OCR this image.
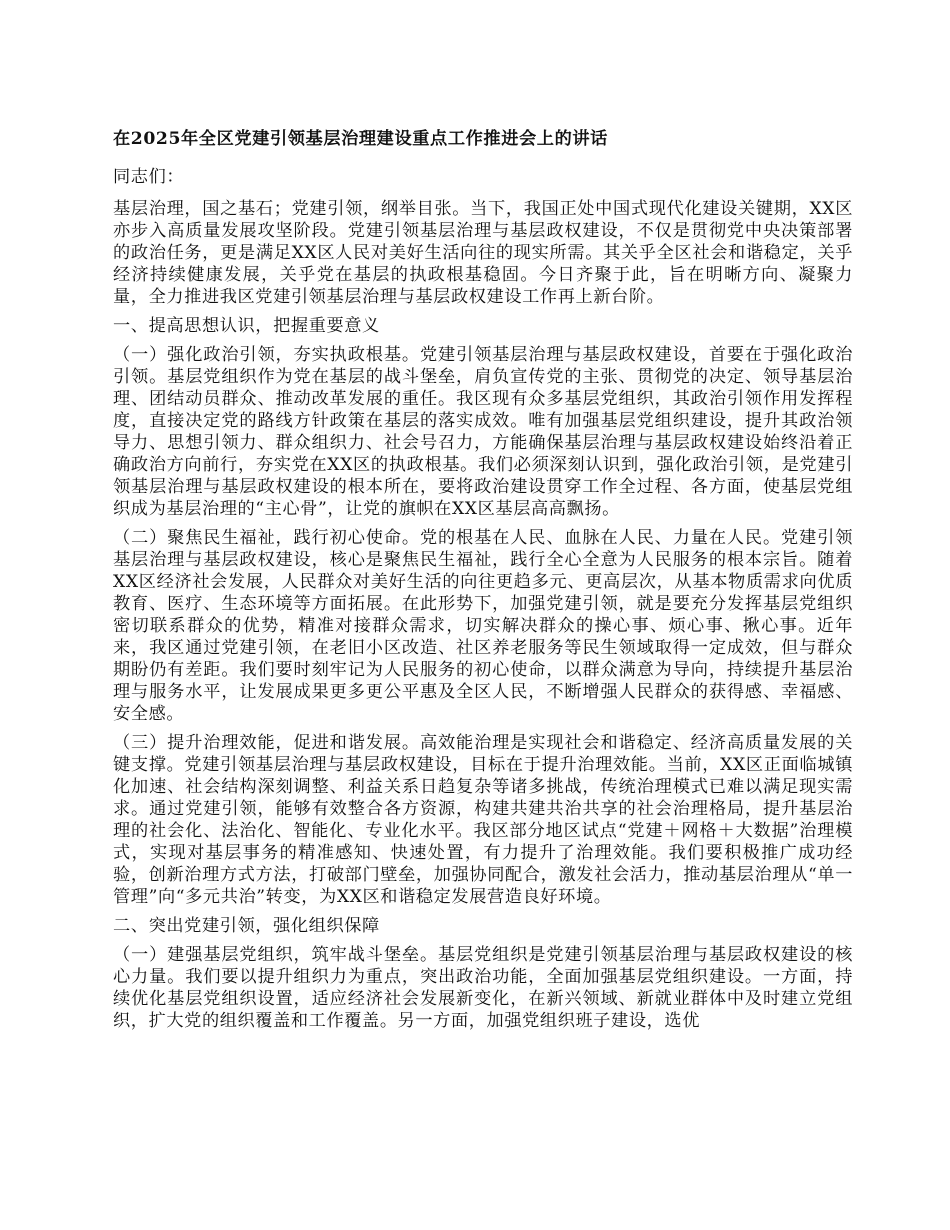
在2025年全区党建引领基层治理建设重点工作推进会上的讲话
同志们：

基层治理，国之基石；党建引领，纲举目张。当下，我国正处中国式现代化建设关键期，XX区亦步入高质量发展攻坚阶段。党建引领基层治理与基层政权建设，不仅是贯彻党中央决策部署的政治任务，更是满足XX区人民对美好生活向往的现实所需。其关乎全区社会和谐稳定，关乎经济持续健康发展，关乎党在基层的执政根基稳固。今日齐聚于此，旨在明晰方向、凝聚力量，全力推进我区党建引领基层治理与基层政权建设工作再上新台阶。

一、提高思想认识，把握重要意义

（一）强化政治引领，夯实执政根基。党建引领基层治理与基层政权建设，首要在于强化政治引领。基层党组织作为党在基层的战斗堡垒，肩负宣传党的主张、贯彻党的决定、领导基层治理、团结动员群众、推动改革发展的重任。我区现有众多基层党组织，其政治引领作用发挥程度，直接决定党的路线方针政策在基层的落实成效。唯有加强基层党组织建设，提升其政治领导力、思想引领力、群众组织力、社会号召力，方能确保基层治理与基层政权建设始终沿着正确政治方向前行，夯实党在XX区的执政根基。我们必须深刻认识到，强化政治引领，是党建引领基层治理与基层政权建设的根本所在，要将政治建设贯穿工作全过程、各方面，使基层党组织成为基层治理的“主心骨”，让党的旗帜在XX区基层高高飘扬。

（二）聚焦民生福祉，践行初心使命。党的根基在人民、血脉在人民、力量在人民。党建引领基层治理与基层政权建设，核心是聚焦民生福祉，践行全心全意为人民服务的根本宗旨。随着XX区经济社会发展，人民群众对美好生活的向往更趋多元、更高层次，从基本物质需求向优质教育、医疗、生态环境等方面拓展。在此形势下，加强党建引领，就是要充分发挥基层党组织密切联系群众的优势，精准对接群众需求，切实解决群众的操心事、烦心事、揪心事。近年来，我区通过党建引领，在老旧小区改造、社区养老服务等民生领域取得一定成效，但与群众期盼仍有差距。我们要时刻牢记为人民服务的初心使命，以群众满意为导向，持续提升基层治理与服务水平，让发展成果更多更公平惠及全区人民，不断增强人民群众的获得感、幸福感、安全感。

（三）提升治理效能，促进和谐发展。高效能治理是实现社会和谐稳定、经济高质量发展的关键支撑。党建引领基层治理与基层政权建设，目标在于提升治理效能。当前，XX区正面临城镇化加速、社会结构深刻调整、利益关系日趋复杂等诸多挑战，传统治理模式已难以满足现实需求。通过党建引领，能够有效整合各方资源，构建共建共治共享的社会治理格局，提升基层治理的社会化、法治化、智能化、专业化水平。我区部分地区试点“党建＋网格＋大数据”治理模式，实现对基层事务的精准感知、快速处置，有力提升了治理效能。我们要积极推广成功经验，创新治理方式方法，打破部门壁垒，加强协同配合，激发社会活力，推动基层治理从“单一管理”向“多元共治”转变，为XX区和谐稳定发展营造良好环境。

二、突出党建引领，强化组织保障

（一）建强基层党组织，筑牢战斗堡垒。基层党组织是党建引领基层治理与基层政权建设的核心力量。我们要以提升组织力为重点，突出政治功能，全面加强基层党组织建设。一方面，持续优化基层党组织设置，适应经济社会发展新变化，在新兴领域、新就业群体中及时建立党组织，扩大党的组织覆盖和工作覆盖。另一方面，加强党组织班子建设，选优
